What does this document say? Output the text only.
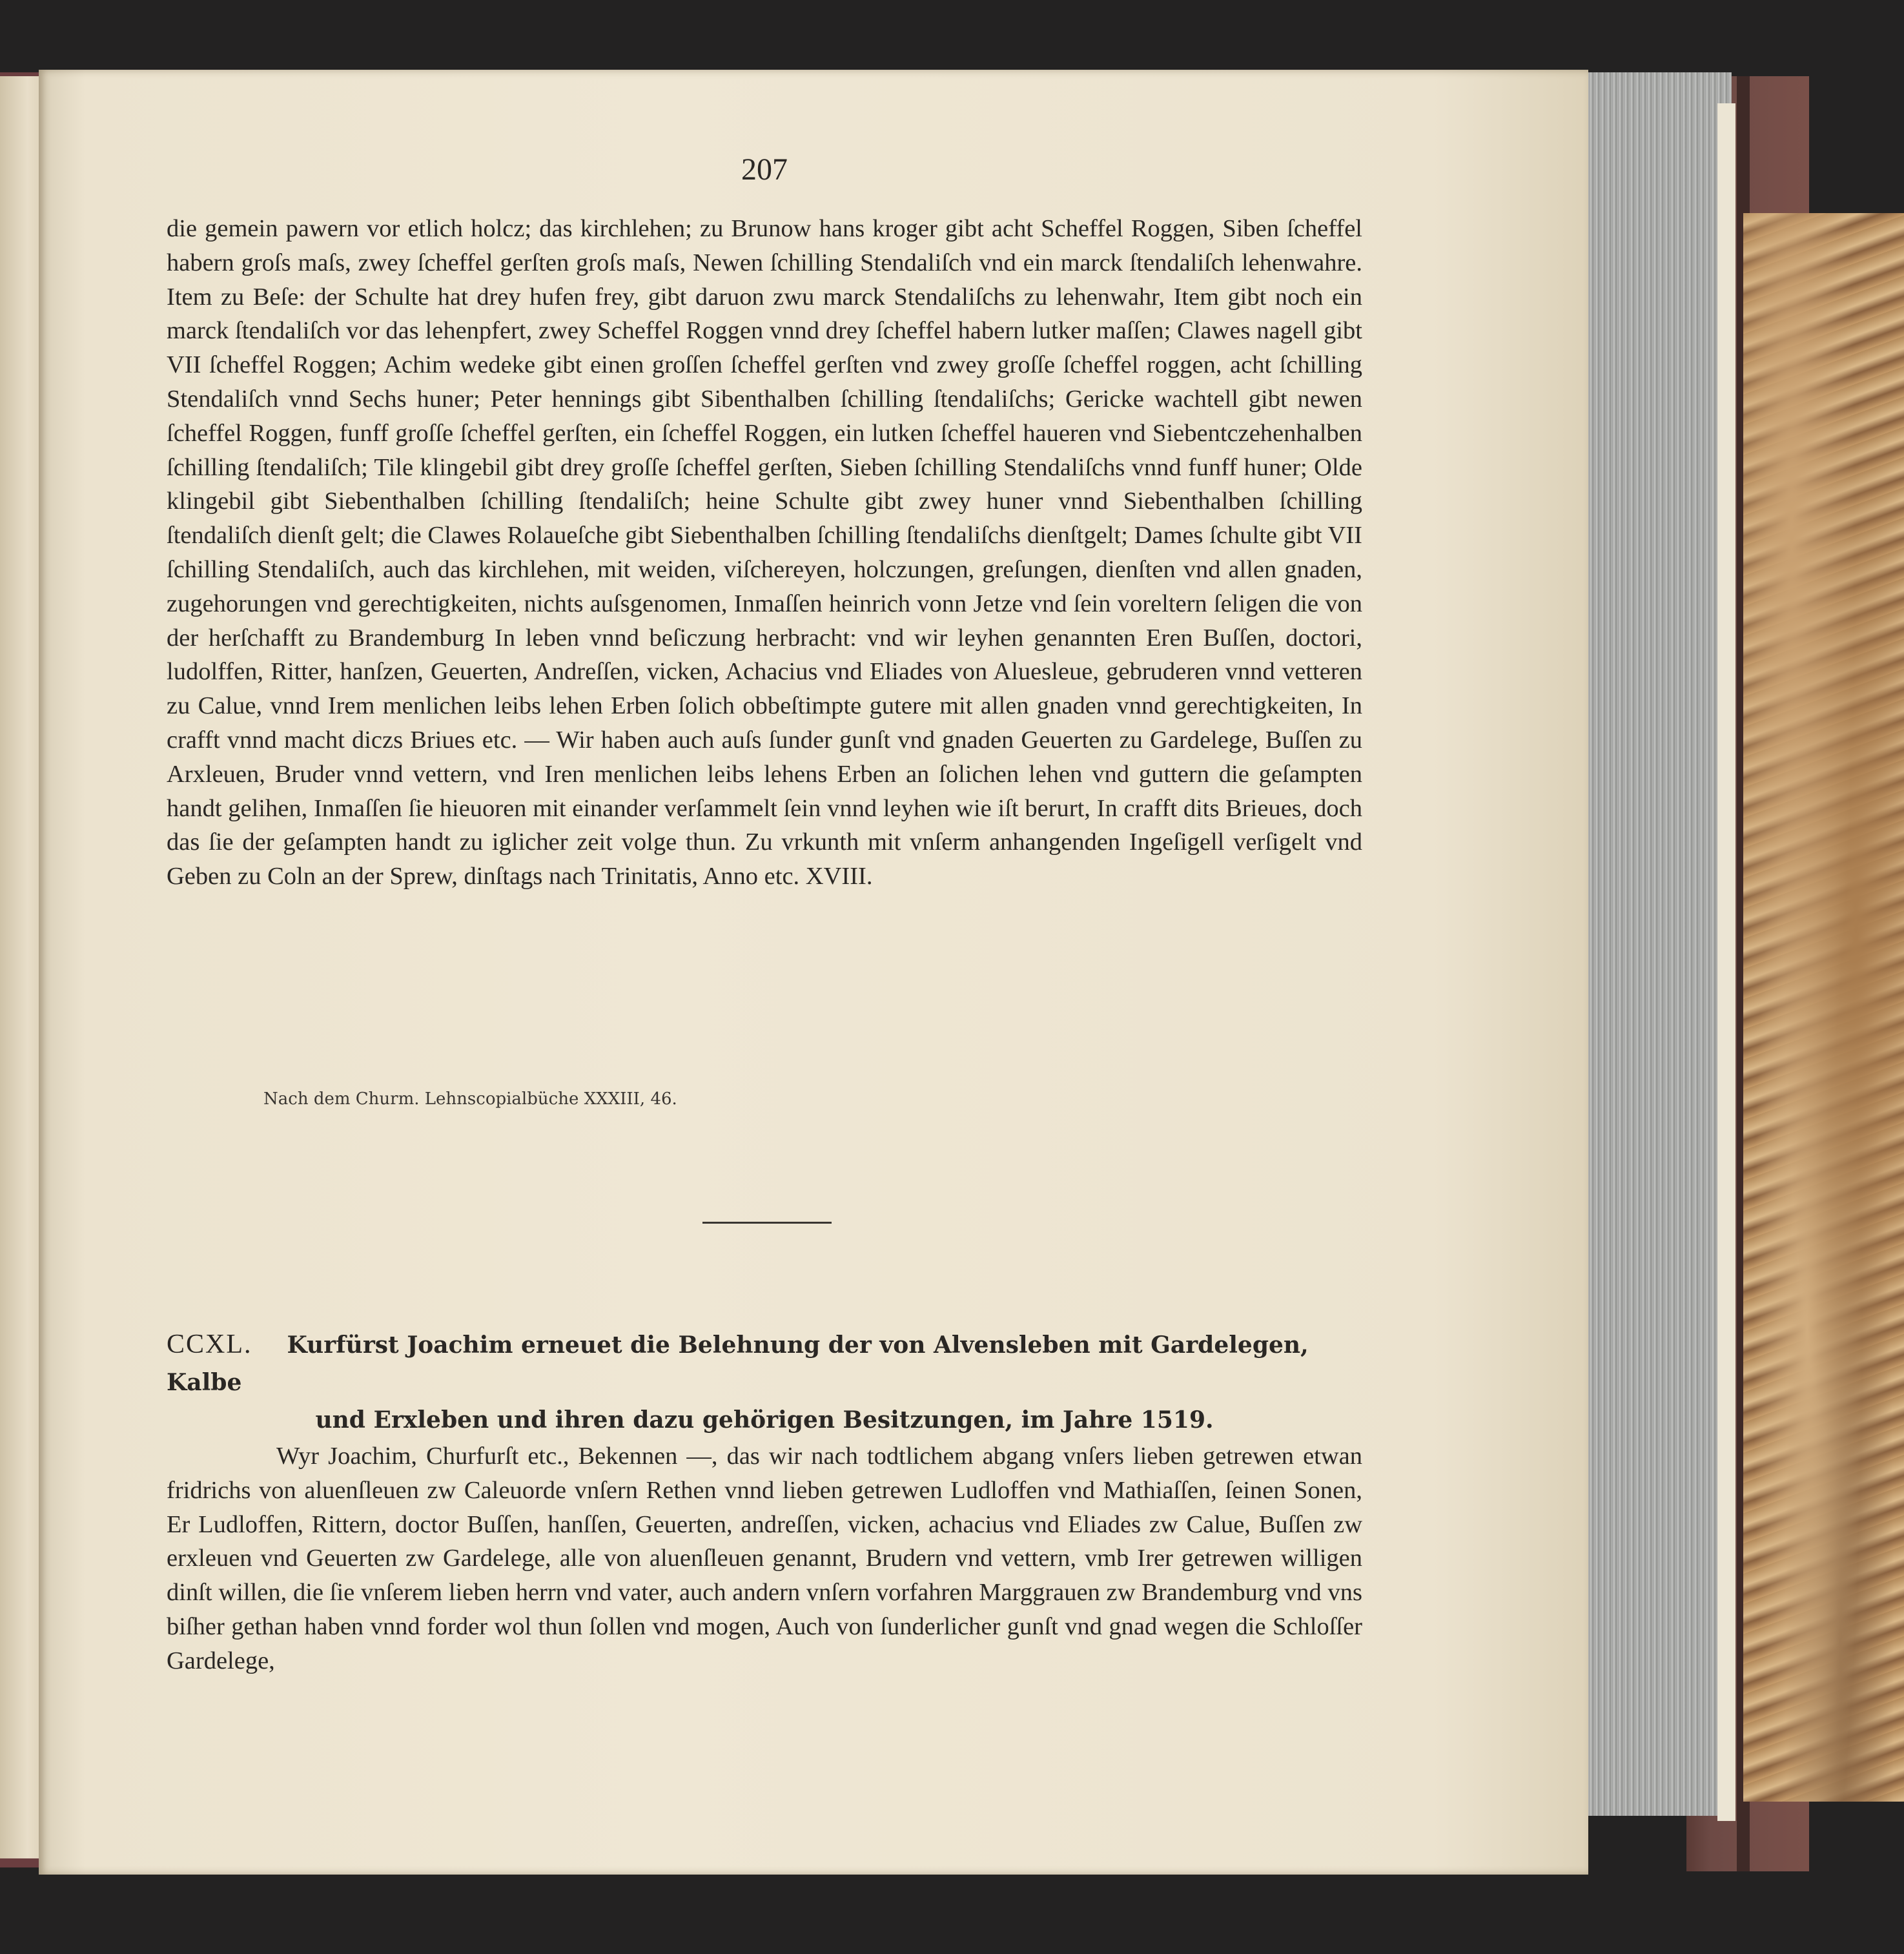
207

die gemein pawern vor etlich holcz; das kirchlehen; zu Brunow hans kroger gibt acht Scheffel Roggen, Siben ſcheffel habern groſs maſs, zwey ſcheffel gerſten groſs maſs, Newen ſchilling Stendaliſch vnd ein marck ſtendaliſch lehenwahre. Item zu Beſe: der Schulte hat drey hufen frey, gibt daruon zwu marck Stendaliſchs zu lehenwahr, Item gibt noch ein marck ſtendaliſch vor das lehenpfert, zwey Scheffel Roggen vnnd drey ſcheffel habern lutker maſſen; Clawes nagell gibt VII ſcheffel Roggen; Achim wedeke gibt einen groſſen ſcheffel gerſten vnd zwey groſſe ſcheffel roggen, acht ſchilling Stendaliſch vnnd Sechs huner; Peter hennings gibt Sibenthalben ſchilling ſtendaliſchs; Gericke wachtell gibt newen ſcheffel Roggen, funff groſſe ſcheffel gerſten, ein ſcheffel Roggen, ein lutken ſcheffel haueren vnd Siebentczehenhalben ſchilling ſtendaliſch; Tile klingebil gibt drey groſſe ſcheffel gerſten, Sieben ſchilling Stendaliſchs vnnd funff huner; Olde klingebil gibt Siebenthalben ſchilling ſtendaliſch; heine Schulte gibt zwey huner vnnd Siebenthalben ſchilling ſtendaliſch dienſt gelt; die Clawes Rolaueſche gibt Siebenthalben ſchilling ſtendaliſchs dienſtgelt; Dames ſchulte gibt VII ſchilling Stendaliſch, auch das kirchlehen, mit weiden, viſchereyen, holczungen, greſungen, dienſten vnd allen gnaden, zugehorungen vnd gerechtigkeiten, nichts auſsgenomen, Inmaſſen heinrich vonn Jetze vnd ſein voreltern ſeligen die von der herſchafft zu Brandemburg In leben vnnd beſiczung herbracht: vnd wir leyhen genannten Eren Buſſen, doctori, ludolffen, Ritter, hanſzen, Geuerten, Andreſſen, vicken, Achacius vnd Eliades von Aluesleue, gebruderen vnnd vetteren zu Calue, vnnd Irem menlichen leibs lehen Erben ſolich obbeſtimpte gutere mit allen gnaden vnnd gerechtigkeiten, In crafft vnnd macht diczs Briues etc. — Wir haben auch auſs ſunder gunſt vnd gnaden Geuerten zu Gardelege, Buſſen zu Arxleuen, Bruder vnnd vettern, vnd Iren menlichen leibs lehens Erben an ſolichen lehen vnd guttern die geſampten handt gelihen, Inmaſſen ſie hieuoren mit einander verſammelt ſein vnnd leyhen wie iſt berurt, In crafft dits Brieues, doch das ſie der geſampten handt zu iglicher zeit volge thun. Zu vrkunth mit vnſerm anhangenden Ingeſigell verſigelt vnd Geben zu Coln an der Sprew, dinſtags nach Trinitatis, Anno etc. XVIII.

Nach dem Churm. Lehnscopialbüche XXXIII, 46.
CCXL. Kurfürst Joachim erneuet die Belehnung der von Alvensleben mit Gardelegen, Kalbe
und Erxleben und ihren dazu gehörigen Besitzungen, im Jahre 1519.
Wyr Joachim, Churfurſt etc., Bekennen —, das wir nach todtlichem abgang vnſers lieben getrewen etwan fridrichs von aluenſleuen zw Caleuorde vnſern Rethen vnnd lieben getrewen Ludloffen vnd Mathiaſſen, ſeinen Sonen, Er Ludloffen, Rittern, doctor Buſſen, hanſſen, Geuerten, andreſſen, vicken, achacius vnd Eliades zw Calue, Buſſen zw erxleuen vnd Geuerten zw Gardelege, alle von aluenſleuen genannt, Brudern vnd vettern, vmb Irer getrewen willigen dinſt willen, die ſie vnſerem lieben herrn vnd vater, auch andern vnſern vorfahren Marggrauen zw Brandemburg vnd vns biſher gethan haben vnnd forder wol thun ſollen vnd mogen, Auch von ſunderlicher gunſt vnd gnad wegen die Schloſſer Gardelege,
